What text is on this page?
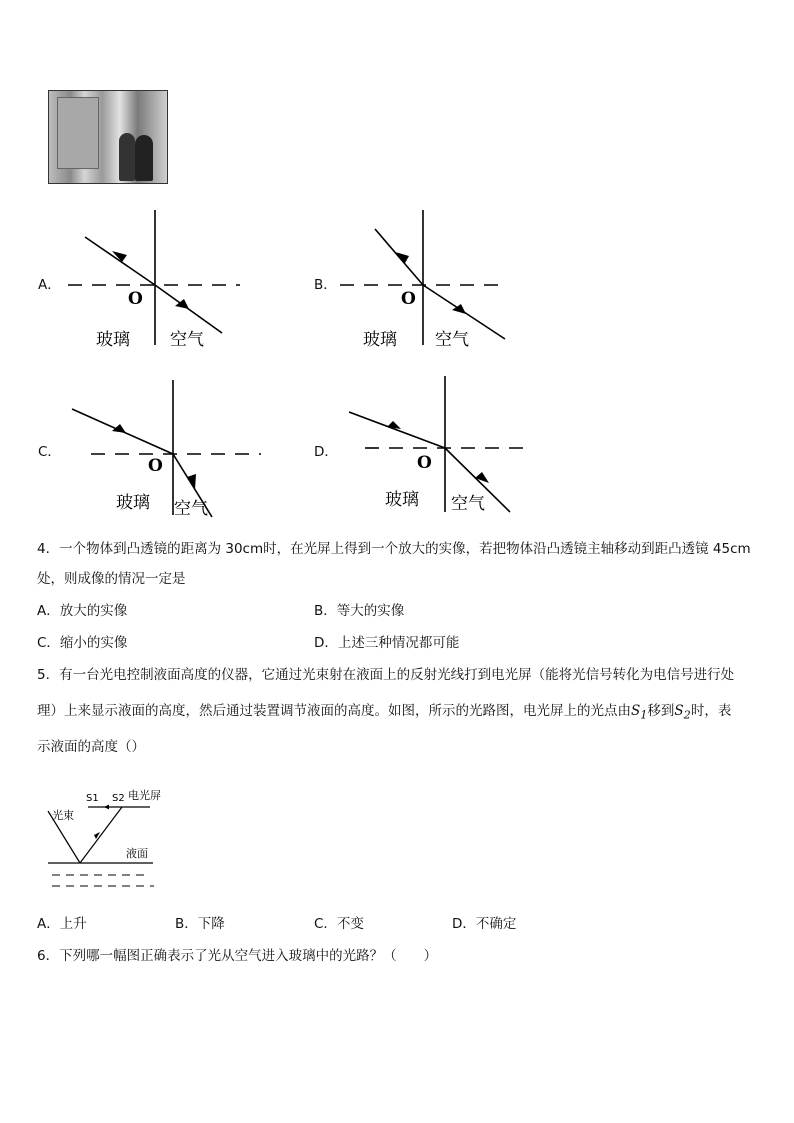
A．
O
玻璃 空气
B．
O
玻璃 空气
C．
O
玻璃 空气
D．
O
玻璃 空气
4．一个物体到凸透镜的距离为 30cm时，在光屏上得到一个放大的实像，若把物体沿凸透镜主轴移动到距凸透镜 45cm
处，则成像的情况一定是
A．放大的实像	B．等大的实像
C．缩小的实像	D．上述三种情况都可能
5．有一台光电控制液面高度的仪器，它通过光束射在液面上的反射光线打到电光屏（能将光信号转化为电信号进行处
理）上来显示液面的高度，然后通过装置调节液面的高度。如图，所示的光路图，电光屏上的光点由$S_1$移到$S_2$时，表
示液面的高度（）
S1 S2 电光屏
光束
液面
A．上升	B．下降	C．不变	D．不确定
6．下列哪一幅图正确表示了光从空气进入玻璃中的光路？（　　）
